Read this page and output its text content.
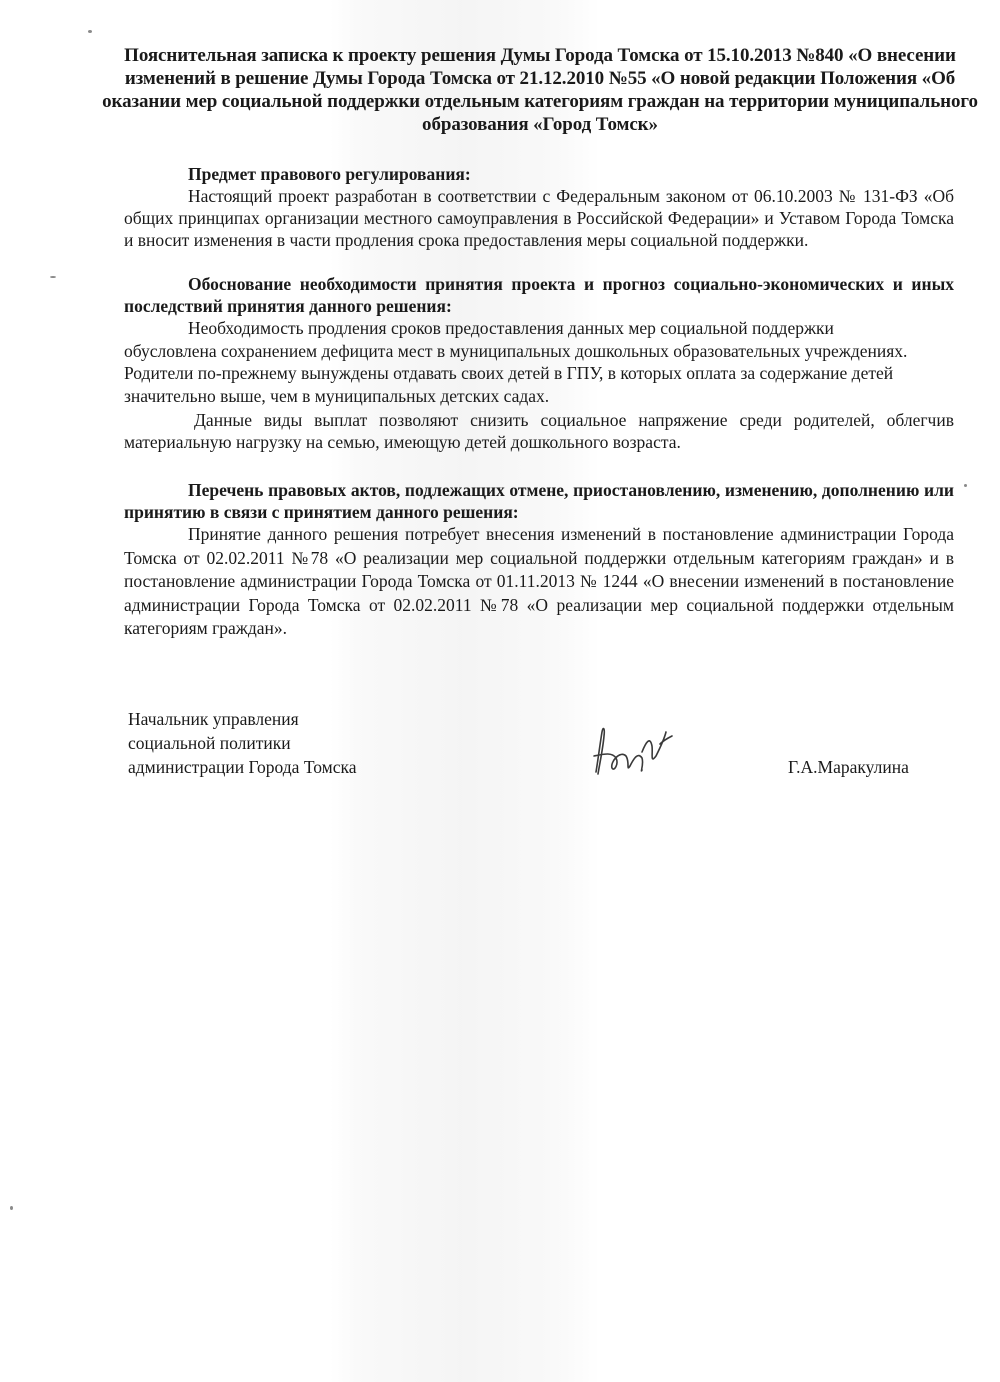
Пояснительная записка к проекту решения Думы Города Томска от 15.10.2013 №840 «О внесении изменений в решение Думы Города Томска от 21.12.2010 №55 «О новой редакции Положения «Об оказании мер социальной поддержки отдельным категориям граждан на территории муниципального образования «Город Томск»
Предмет правового регулирования:
Настоящий проект разработан в соответствии с Федеральным законом от 06.10.2003 № 131-ФЗ «Об общих принципах организации местного самоуправления в Российской Федерации» и Уставом Города Томска и вносит изменения в части продления срока предоставления меры социальной поддержки.
Обоснование необходимости принятия проекта и прогноз социально-экономических и иных последствий принятия данного решения:
Необходимость продления сроков предоставления данных мер социальной поддержки обусловлена сохранением дефицита мест в муниципальных дошкольных образовательных учреждениях. Родители по-прежнему вынуждены отдавать своих детей в ГПУ, в которых оплата за содержание детей значительно выше, чем в муниципальных детских садах.
Данные виды выплат позволяют снизить социальное напряжение среди родителей, облегчив материальную нагрузку на семью, имеющую детей дошкольного возраста.
Перечень правовых актов, подлежащих отмене, приостановлению, изменению, дополнению или принятию в связи с принятием данного решения:
Принятие данного решения потребует внесения изменений в постановление администрации Города Томска от 02.02.2011 №78 «О реализации мер социальной поддержки отдельным категориям граждан» и в постановление администрации Города Томска от 01.11.2013 № 1244 «О внесении изменений в постановление администрации Города Томска от 02.02.2011 №78 «О реализации мер социальной поддержки отдельным категориям граждан».
Начальник управления
социальной политики
администрации Города Томска	Г.А.Маракулина
